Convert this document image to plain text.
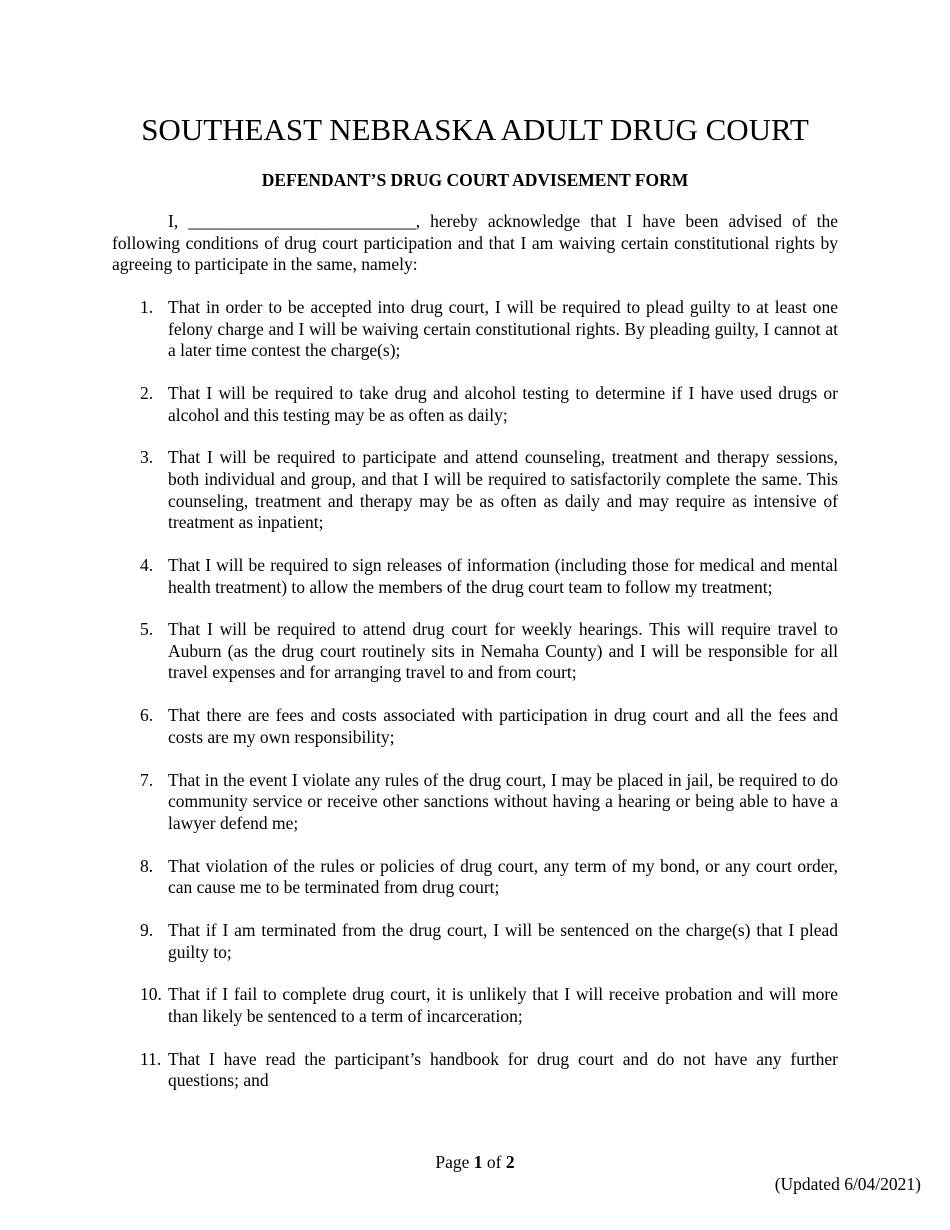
SOUTHEAST NEBRASKA ADULT DRUG COURT
DEFENDANT’S DRUG COURT ADVISEMENT FORM

I, __________________________, hereby acknowledge that I have been advised of the following conditions of drug court participation and that I am waiving certain constitutional rights by agreeing to participate in the same, namely:

1. That in order to be accepted into drug court, I will be required to plead guilty to at least one felony charge and I will be waiving certain constitutional rights. By pleading guilty, I cannot at a later time contest the charge(s);
2. That I will be required to take drug and alcohol testing to determine if I have used drugs or alcohol and this testing may be as often as daily;
3. That I will be required to participate and attend counseling, treatment and therapy sessions, both individual and group, and that I will be required to satisfactorily complete the same. This counseling, treatment and therapy may be as often as daily and may require as intensive of treatment as inpatient;
4. That I will be required to sign releases of information (including those for medical and mental health treatment) to allow the members of the drug court team to follow my treatment;
5. That I will be required to attend drug court for weekly hearings. This will require travel to Auburn (as the drug court routinely sits in Nemaha County) and I will be responsible for all travel expenses and for arranging travel to and from court;
6. That there are fees and costs associated with participation in drug court and all the fees and costs are my own responsibility;
7. That in the event I violate any rules of the drug court, I may be placed in jail, be required to do community service or receive other sanctions without having a hearing or being able to have a lawyer defend me;
8. That violation of the rules or policies of drug court, any term of my bond, or any court order, can cause me to be terminated from drug court;
9. That if I am terminated from the drug court, I will be sentenced on the charge(s) that I plead guilty to;
10. That if I fail to complete drug court, it is unlikely that I will receive probation and will more than likely be sentenced to a term of incarceration;
11. That I have read the participant’s handbook for drug court and do not have any further questions; and
Page 1 of 2
(Updated 6/04/2021)
